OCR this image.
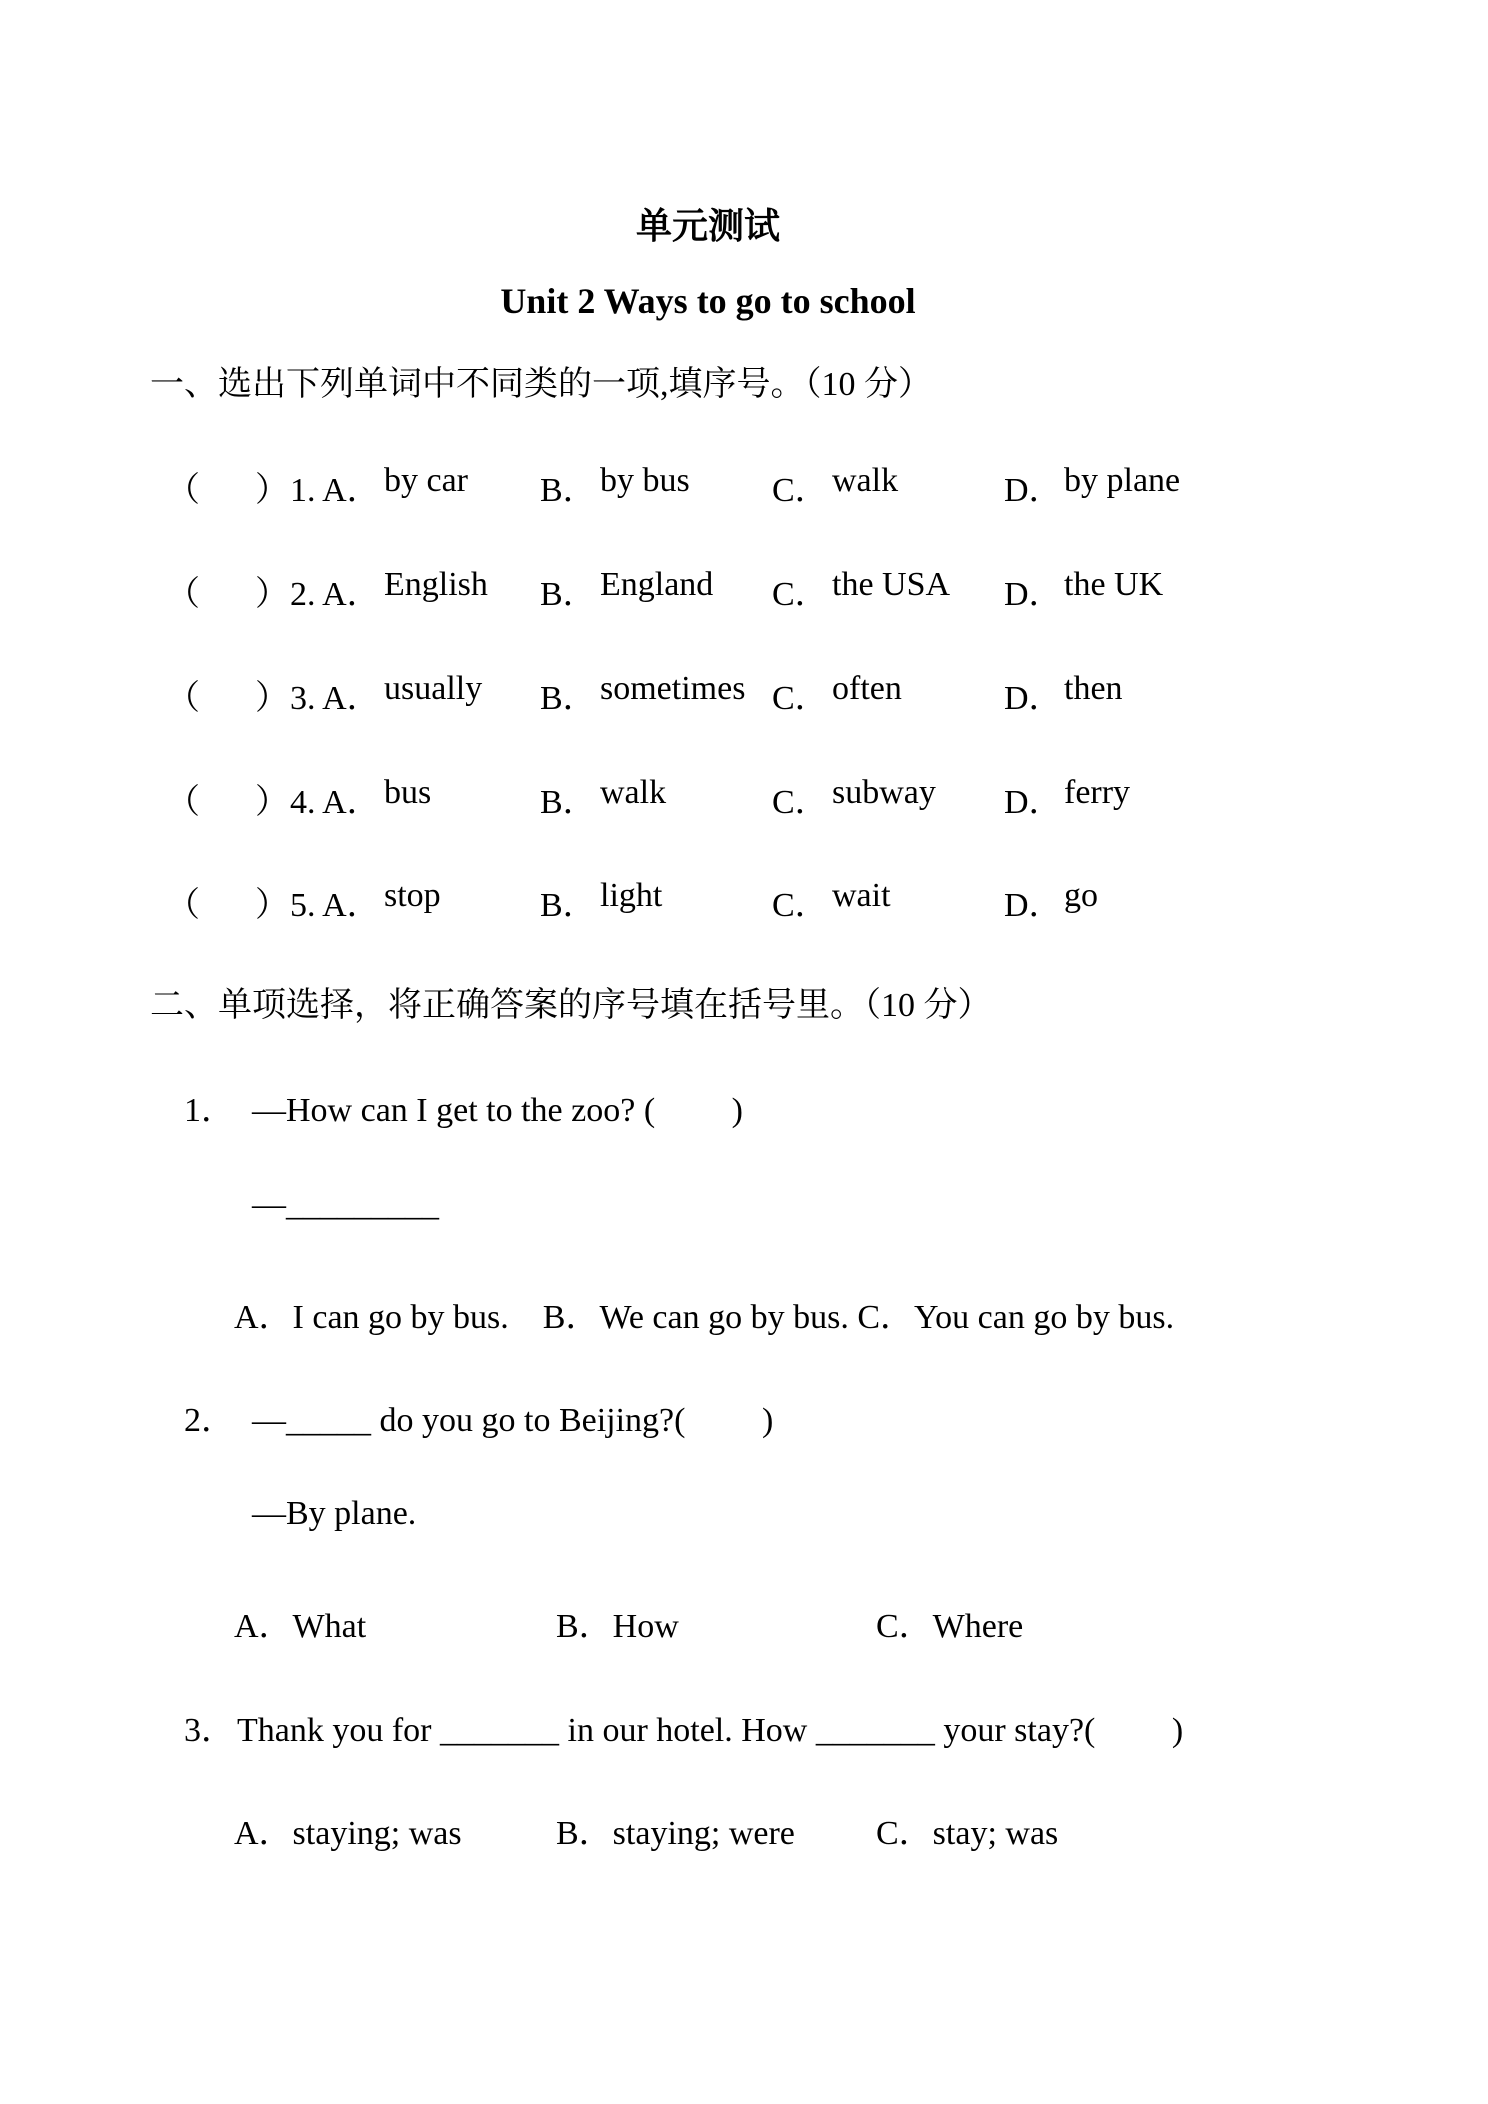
单元测试
Unit 2 Ways to go to school
一、选出下列单词中不同类的一项,填序号。（10 分）
（ ） 1. A． by car B． by bus C． walk	D． by plane
（ ） 2. A． English B． England C． the USA D． the UK
（ ） 3. A． usually B． sometimes C． often	D． then
（ ） 4. A． bus	B． walk	C． subway D． ferry
（ ） 5. A． stop	B． light	C． wait	D． go
二、单项选择，将正确答案的序号填在括号里。（10 分）
1． —How can I get to the zoo? (　　 )
—_________
A．I can go by bus.　B．We can go by bus. C．You can go by bus.
2． —_____ do you go to Beijing?(　　 )
—By plane.
A．What	B．How	C．Where
3． Thank you for _______ in our hotel. How _______ your stay?(　　 )
A．staying; was	B．staying; were C．stay; was
